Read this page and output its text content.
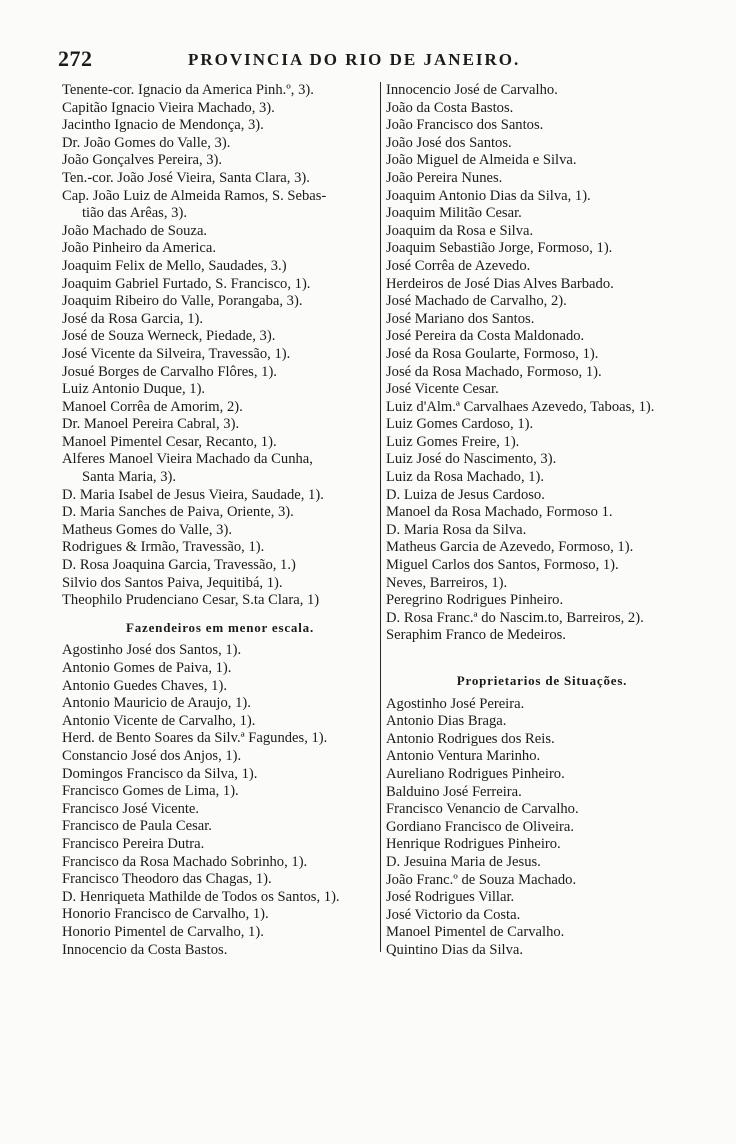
272	PROVINCIA DO RIO DE JANEIRO.
Tenente-cor. Ignacio da America Pinh.º, 3).
Capitão Ignacio Vieira Machado, 3).
Jacintho Ignacio de Mendonça, 3).
Dr. João Gomes do Valle, 3).
João Gonçalves Pereira, 3).
Ten.-cor. João José Vieira, Santa Clara, 3).
Cap. João Luiz de Almeida Ramos, S. Sebas-
tião das Arêas, 3).
João Machado de Souza.
João Pinheiro da America.
Joaquim Felix de Mello, Saudades, 3.)
Joaquim Gabriel Furtado, S. Francisco, 1).
Joaquim Ribeiro do Valle, Porangaba, 3).
José da Rosa Garcia, 1).
José de Souza Werneck, Piedade, 3).
José Vicente da Silveira, Travessão, 1).
Josué Borges de Carvalho Flôres, 1).
Luiz Antonio Duque, 1).
Manoel Corrêa de Amorim, 2).
Dr. Manoel Pereira Cabral, 3).
Manoel Pimentel Cesar, Recanto, 1).
Alferes Manoel Vieira Machado da Cunha,
Santa Maria, 3).
D. Maria Isabel de Jesus Vieira, Saudade, 1).
D. Maria Sanches de Paiva, Oriente, 3).
Matheus Gomes do Valle, 3).
Rodrigues & Irmão, Travessão, 1).
D. Rosa Joaquina Garcia, Travessão, 1.)
Silvio dos Santos Paiva, Jequitibá, 1).
Theophilo Prudenciano Cesar, S.ta Clara, 1)
Fazendeiros em menor escala.
Agostinho José dos Santos, 1).
Antonio Gomes de Paiva, 1).
Antonio Guedes Chaves, 1).
Antonio Mauricio de Araujo, 1).
Antonio Vicente de Carvalho, 1).
Herd. de Bento Soares da Silv.ª Fagundes, 1).
Constancio José dos Anjos, 1).
Domingos Francisco da Silva, 1).
Francisco Gomes de Lima, 1).
Francisco José Vicente.
Francisco de Paula Cesar.
Francisco Pereira Dutra.
Francisco da Rosa Machado Sobrinho, 1).
Francisco Theodoro das Chagas, 1).
D. Henriqueta Mathilde de Todos os Santos, 1).
Honorio Francisco de Carvalho, 1).
Honorio Pimentel de Carvalho, 1).
Innocencio da Costa Bastos.
Innocencio José de Carvalho.
João da Costa Bastos.
João Francisco dos Santos.
João José dos Santos.
João Miguel de Almeida e Silva.
João Pereira Nunes.
Joaquim Antonio Dias da Silva, 1).
Joaquim Militão Cesar.
Joaquim da Rosa e Silva.
Joaquim Sebastião Jorge, Formoso, 1).
José Corrêa de Azevedo.
Herdeiros de José Dias Alves Barbado.
José Machado de Carvalho, 2).
José Mariano dos Santos.
José Pereira da Costa Maldonado.
José da Rosa Goularte, Formoso, 1).
José da Rosa Machado, Formoso, 1).
José Vicente Cesar.
Luiz d'Alm.ª Carvalhaes Azevedo, Taboas, 1).
Luiz Gomes Cardoso, 1).
Luiz Gomes Freire, 1).
Luiz José do Nascimento, 3).
Luiz da Rosa Machado, 1).
D. Luiza de Jesus Cardoso.
Manoel da Rosa Machado, Formoso 1.
D. Maria Rosa da Silva.
Matheus Garcia de Azevedo, Formoso, 1).
Miguel Carlos dos Santos, Formoso, 1).
Neves, Barreiros, 1).
Peregrino Rodrigues Pinheiro.
D. Rosa Franc.ª do Nascim.to, Barreiros, 2).
Seraphim Franco de Medeiros.
Proprietarios de Situações.
Agostinho José Pereira.
Antonio Dias Braga.
Antonio Rodrigues dos Reis.
Antonio Ventura Marinho.
Aureliano Rodrigues Pinheiro.
Balduino José Ferreira.
Francisco Venancio de Carvalho.
Gordiano Francisco de Oliveira.
Henrique Rodrigues Pinheiro.
D. Jesuina Maria de Jesus.
João Franc.º de Souza Machado.
José Rodrigues Villar.
José Victorio da Costa.
Manoel Pimentel de Carvalho.
Quintino Dias da Silva.
